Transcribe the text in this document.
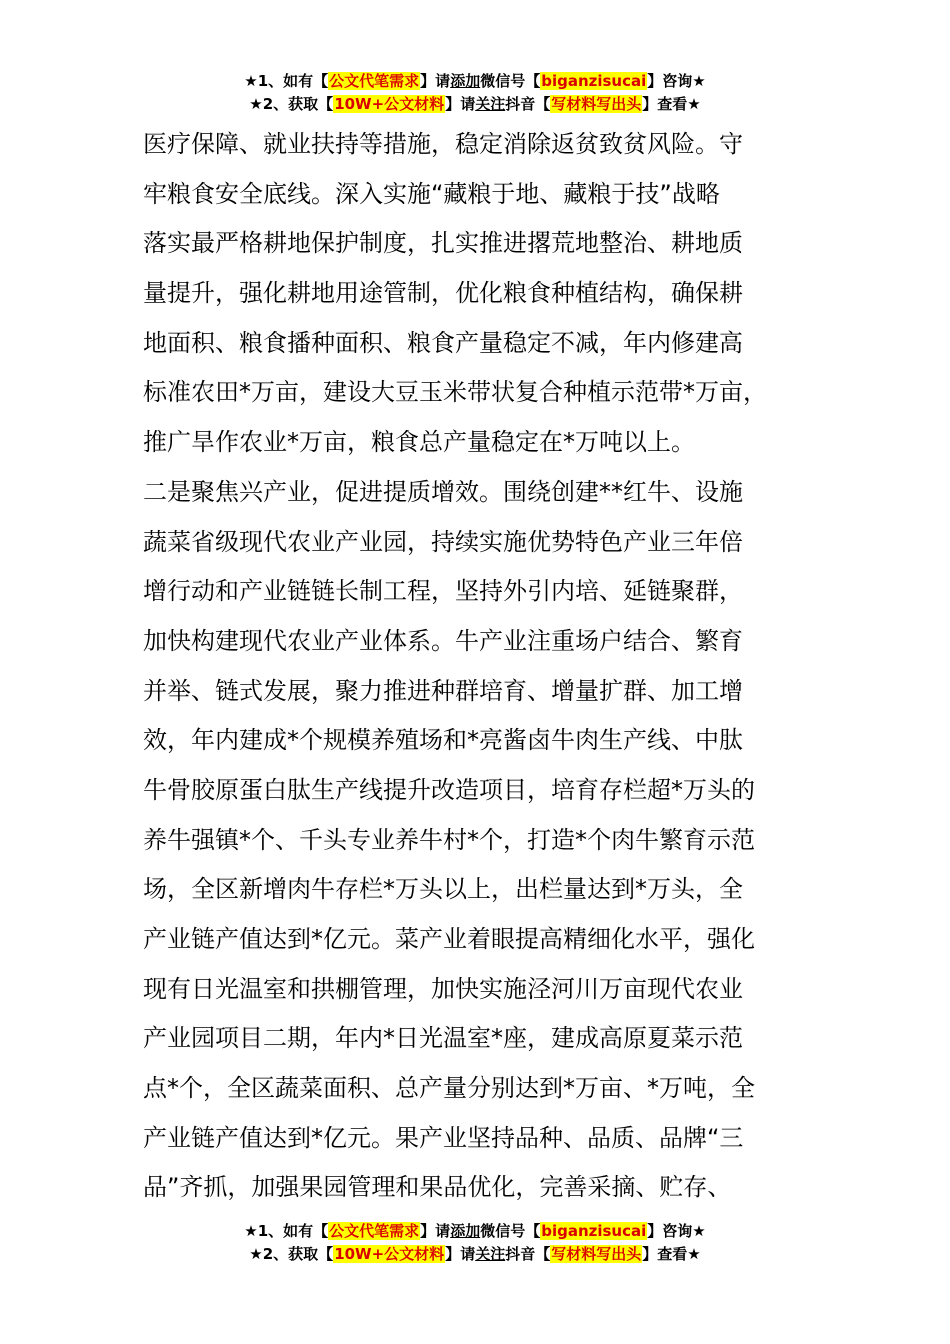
★1、如有【公文代笔需求】请添加微信号【biganzisucai】咨询★
★2、获取【10W+公文材料】请关注抖音【写材料写出头】查看★
医疗保障、就业扶持等措施，稳定消除返贫致贫风险。守
牢粮食安全底线。深入实施“藏粮于地、藏粮于技”战略
落实最严格耕地保护制度，扎实推进撂荒地整治、耕地质
量提升，强化耕地用途管制，优化粮食种植结构，确保耕
地面积、粮食播种面积、粮食产量稳定不减，年内修建高
标准农田*万亩，建设大豆玉米带状复合种植示范带*万亩，
推广旱作农业*万亩，粮食总产量稳定在*万吨以上。
二是聚焦兴产业，促进提质增效。围绕创建**红牛、设施
蔬菜省级现代农业产业园，持续实施优势特色产业三年倍
增行动和产业链链长制工程，坚持外引内培、延链聚群，
加快构建现代农业产业体系。牛产业注重场户结合、繁育
并举、链式发展，聚力推进种群培育、增量扩群、加工增
效，年内建成*个规模养殖场和*亮酱卤牛肉生产线、中肽
牛骨胶原蛋白肽生产线提升改造项目，培育存栏超*万头的
养牛强镇*个、千头专业养牛村*个，打造*个肉牛繁育示范
场，全区新增肉牛存栏*万头以上，出栏量达到*万头，全
产业链产值达到*亿元。菜产业着眼提高精细化水平，强化
现有日光温室和拱棚管理，加快实施泾河川万亩现代农业
产业园项目二期，年内*日光温室*座，建成高原夏菜示范
点*个，全区蔬菜面积、总产量分别达到*万亩、*万吨，全
产业链产值达到*亿元。果产业坚持品种、品质、品牌“三
品”齐抓，加强果园管理和果品优化，完善采摘、贮存、
★1、如有【公文代笔需求】请添加微信号【biganzisucai】咨询★
★2、获取【10W+公文材料】请关注抖音【写材料写出头】查看★
